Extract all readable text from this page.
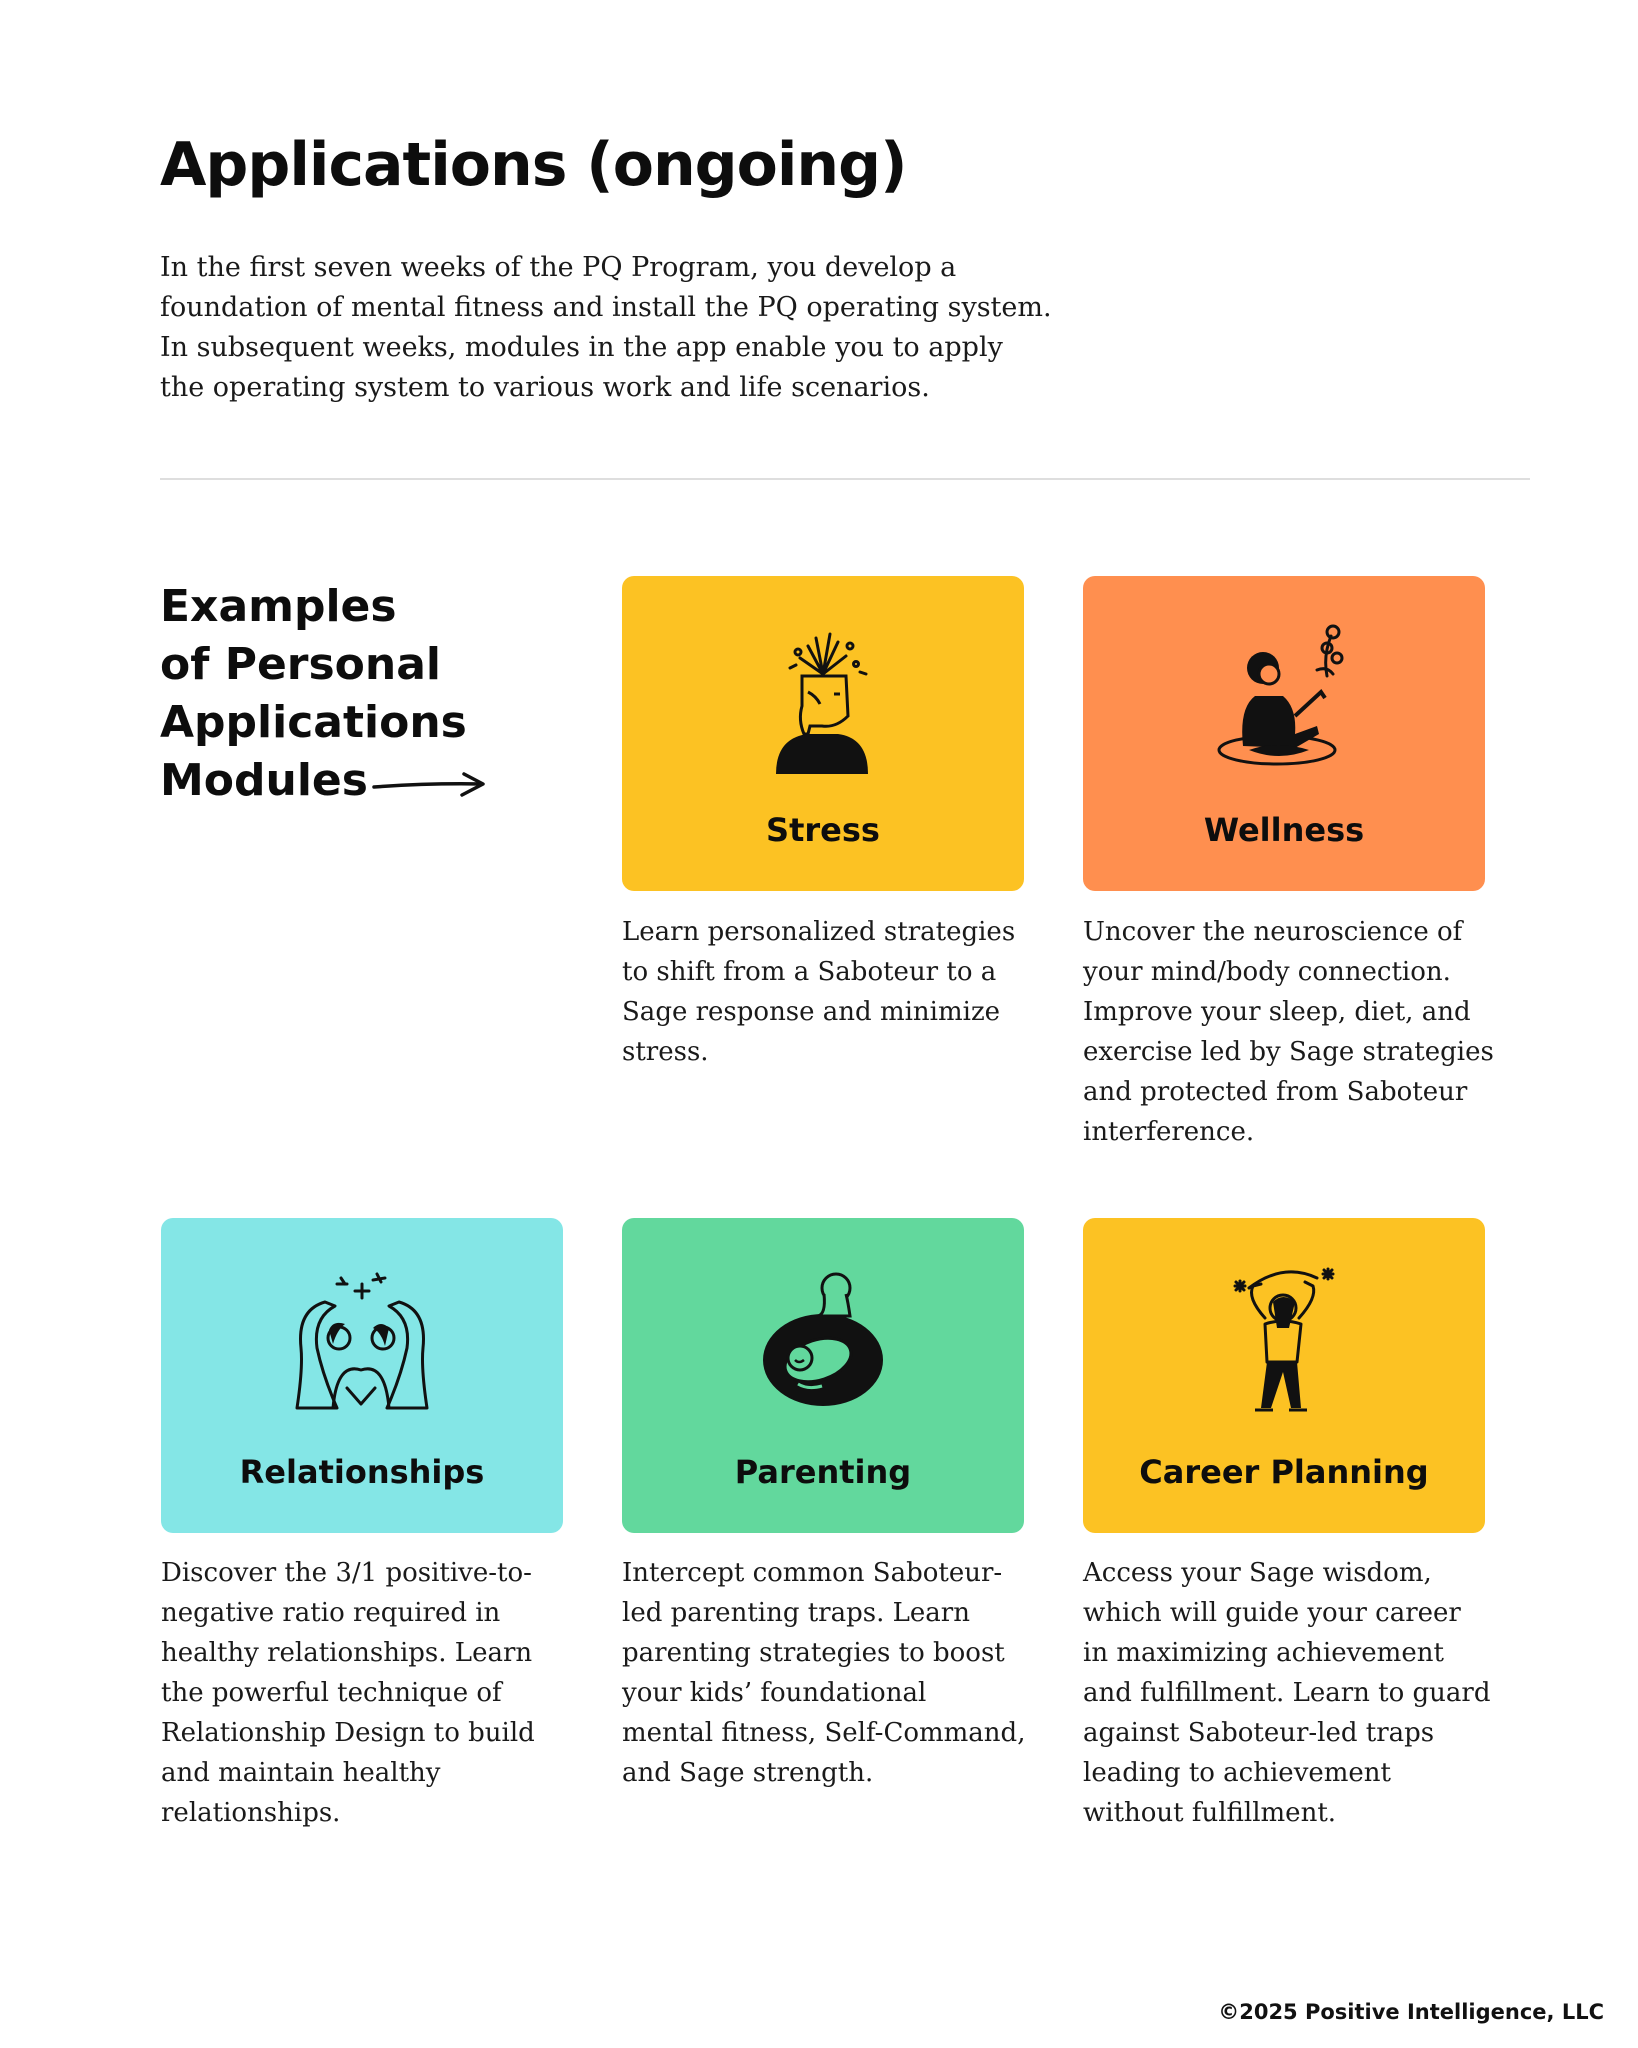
Applications (ongoing)
In the first seven weeks of the PQ Program, you develop a
foundation of mental fitness and install the PQ operating system.
In subsequent weeks, modules in the app enable you to apply
the operating system to various work and life scenarios.
Examples
of Personal
Applications
Modules
Stress
Learn personalized strategies
to shift from a Saboteur to a
Sage response and minimize
stress.
Wellness
Uncover the neuroscience of
your mind/body connection.
Improve your sleep, diet, and
exercise led by Sage strategies
and protected from Saboteur
interference.
Relationships
Discover the 3/1 positive-to-
negative ratio required in
healthy relationships. Learn
the powerful technique of
Relationship Design to build
and maintain healthy
relationships.
Parenting
Intercept common Saboteur-
led parenting traps. Learn
parenting strategies to boost
your kids’ foundational
mental fitness, Self-Command,
and Sage strength.
Career Planning
Access your Sage wisdom,
which will guide your career
in maximizing achievement
and fulfillment. Learn to guard
against Saboteur-led traps
leading to achievement
without fulfillment.
©2025 Positive Intelligence, LLC
